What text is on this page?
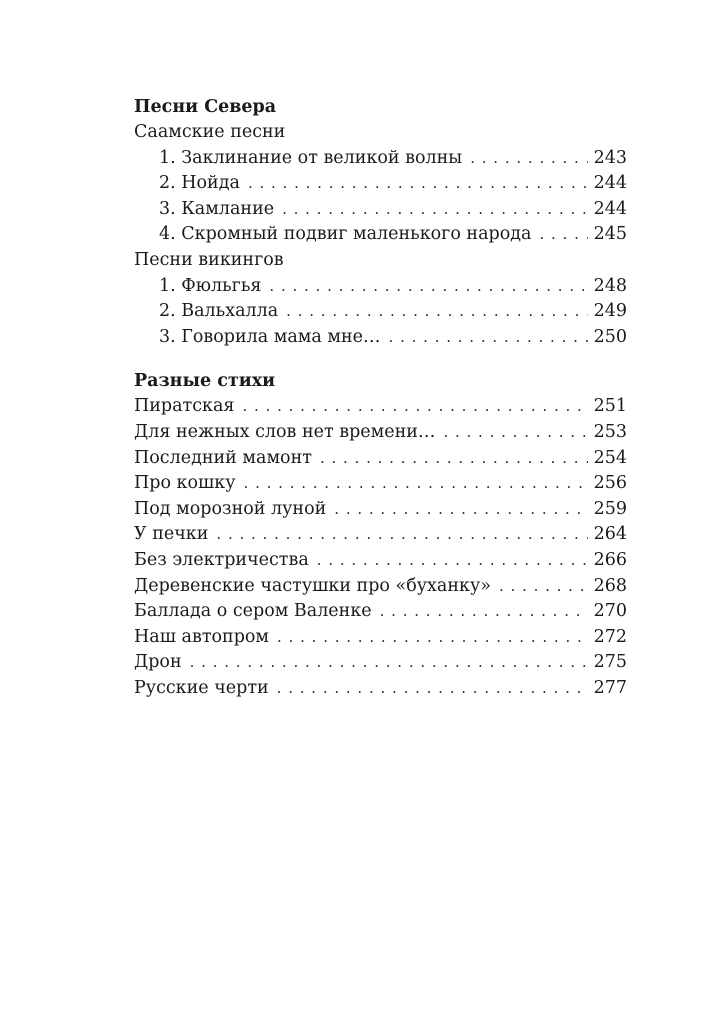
Песни Севера
Саамские песни
1. Заклинание от великой волны . . .	243
2. Нойда . . .	244
3. Камлание . . .	244
4. Скромный подвиг маленького народа . . .	245
Песни викингов
1. Фюльгья . . .	248
2. Вальхалла . . .	249
3. Говорила мама мне… . . .	250
Разные стихи
Пиратская . . .	251
Для нежных слов нет времени… . . .	253
Последний мамонт . . .	254
Про кошку . . .	256
Под морозной луной . . .	259
У печки . . .	264
Без электричества . . .	266
Деревенские частушки про «буханку» . . .	268
Баллада о сером Валенке . . .	270
Наш автопром . . .	272
Дрон . . .	275
Русские черти . . .	277
